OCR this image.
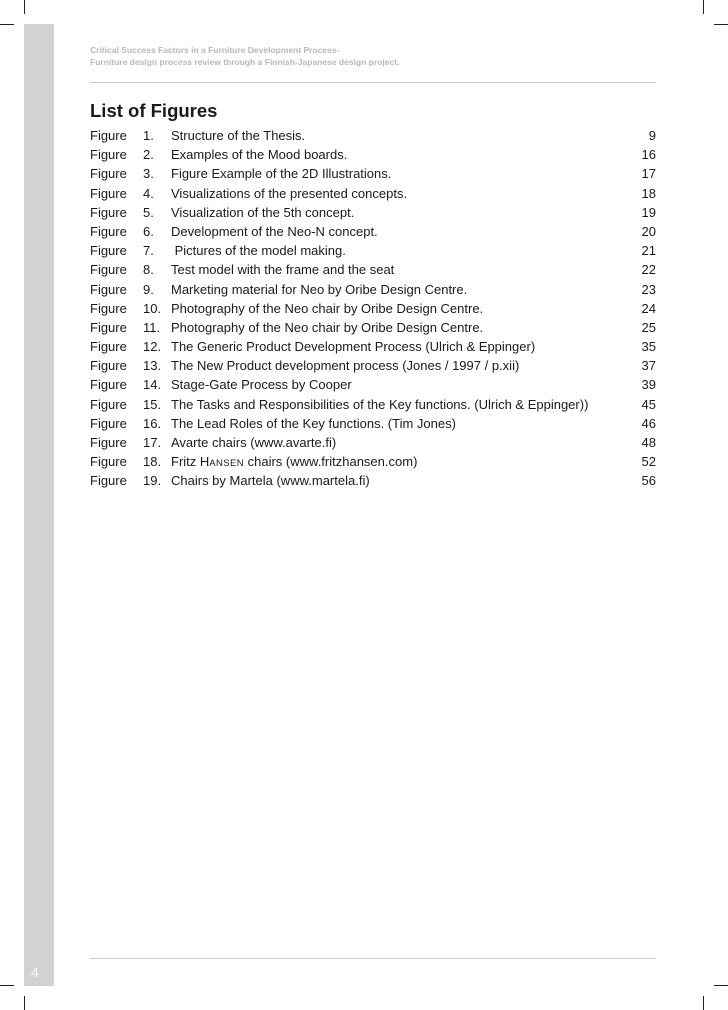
4
Critical Success Factors in a Furniture Development Process-
Furniture design process review through a Finnish-Japanese design project.
List of Figures
Figure 1. Structure of the Thesis.	9
Figure 2. Examples of the Mood boards.	16
Figure 3. Figure Example of the 2D Illustrations.	17
Figure 4. Visualizations of the presented concepts.	18
Figure 5. Visualization of the 5th concept.	19
Figure 6. Development of the Neo-N concept.	20
Figure 7. Pictures of the model making.	21
Figure 8. Test model with the frame and the seat	22
Figure 9. Marketing material for Neo by Oribe Design Centre.	23
Figure 10. Photography of the Neo chair by Oribe Design Centre.	24
Figure 11. Photography of the Neo chair by Oribe Design Centre.	25
Figure 12. The Generic Product Development Process (Ulrich & Eppinger)	35
Figure 13. The New Product development process (Jones / 1997 / p.xii)	37
Figure 14. Stage-Gate Process by Cooper	39
Figure 15. The Tasks and Responsibilities of the Key functions. (Ulrich & Eppinger))	45
Figure 16. The Lead Roles of the Key functions. (Tim Jones)	46
Figure 17. Avarte chairs (www.avarte.fi)	48
Figure 18. Fritz HANSEN chairs (www.fritzhansen.com)	52
Figure 19. Chairs by Martela (www.martela.fi)	56
